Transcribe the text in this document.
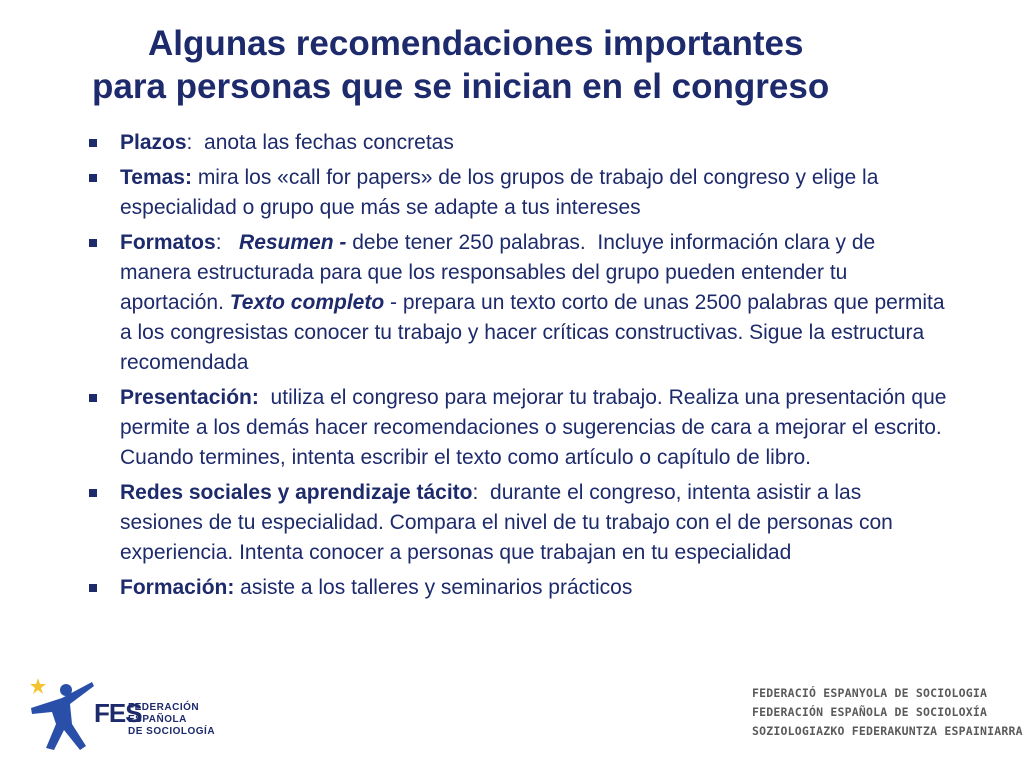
Algunas recomendaciones importantes
para personas que se inician en el congreso
Plazos:  anota las fechas concretas
Temas: mira los «call for papers» de los grupos de trabajo del congreso y elige la especialidad o grupo que más se adapte a tus intereses
Formatos:   Resumen - debe tener 250 palabras.  Incluye información clara y de manera estructurada para que los responsables del grupo pueden entender tu aportación. Texto completo - prepara un texto corto de unas 2500 palabras que permita a los congresistas conocer tu trabajo y hacer críticas constructivas. Sigue la estructura recomendada
Presentación:  utiliza el congreso para mejorar tu trabajo. Realiza una presentación que permite a los demás hacer recomendaciones o sugerencias de cara a mejorar el escrito. Cuando termines, intenta escribir el texto como artículo o capítulo de libro.
Redes sociales y aprendizaje tácito:  durante el congreso, intenta asistir a las sesiones de tu especialidad. Compara el nivel de tu trabajo con el de personas con experiencia. Intenta conocer a personas que trabajan en tu especialidad
Formación: asiste a los talleres y seminarios prácticos
FES
FEDERACIÓN ESPAÑOLA
DE SOCIOLOGÍA
FEDERACIÓ ESPANYOLA DE SOCIOLOGIA
FEDERACIÓN ESPAÑOLA DE SOCIOLOXÍA
SOZIOLOGIAZKO FEDERAKUNTZA ESPAINIARRA
